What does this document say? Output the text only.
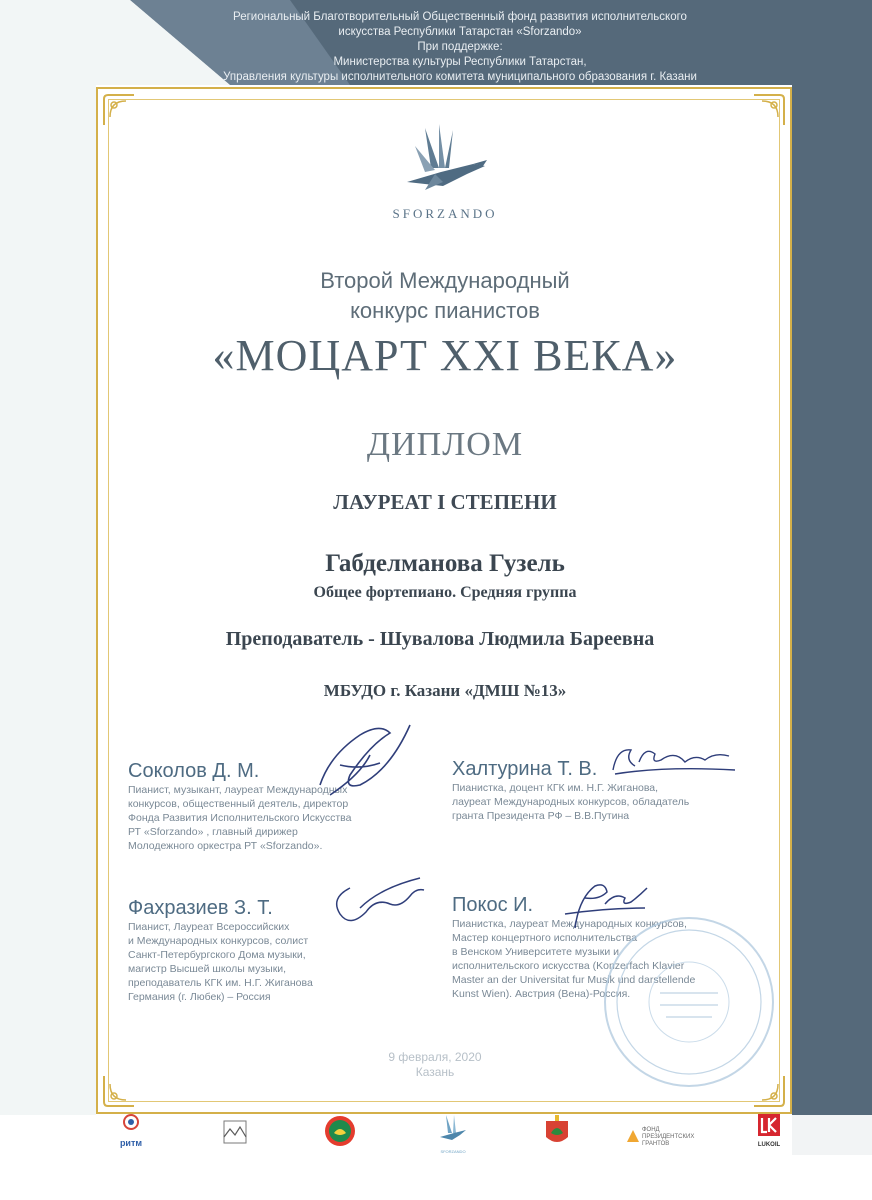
Региональный Благотворительный Общественный фонд развития исполнительского
искусства Республики Татарстан «Sforzando»
При поддержке:
Министерства культуры Республики Татарстан,
Управления культуры исполнительного комитета муниципального образования г. Казани
SFORZANDO
Второй Международный
конкурс пианистов
«МОЦАРТ XXI ВЕКА»
ДИПЛОМ
ЛАУРЕАТ I СТЕПЕНИ
Габделманова Гузель
Общее фортепиано. Средняя группа
Преподаватель - Шувалова Людмила Бареевна
МБУДО г. Казани «ДМШ №13»
Соколов Д. М.
Пианист, музыкант, лауреат Международных
конкурсов, общественный деятель, директор
Фонда Развития Исполнительского Искусства
РТ «Sforzando» , главный дирижер
Молодежного оркестра РТ «Sforzando».
Халтурина Т. В.
Пианистка, доцент КГК им. Н.Г. Жиганова,
лауреат Международных конкурсов, обладатель
гранта Президента РФ – В.В.Путина
Фахразиев З. Т.
Пианист, Лауреат Всероссийских
и Международных конкурсов, солист
Санкт-Петербургского Дома музыки,
магистр Высшей школы музыки,
преподаватель КГК им. Н.Г. Жиганова
Германия (г. Любек) – Россия
Покос И.
Пианистка, лауреат Международных конкурсов,
Мастер концертного исполнительства
в Венском Университете музыки и
исполнительского искусства (Konzerfach Klavier
Master an der Universitat fur Musik und darstellende
Kunst Wien). Австрия (Вена)-Россия.
9 февраля, 2020
Казань
ритм
SFORZANDO
ФОНД
ПРЕЗИДЕНТСКИХ
ГРАНТОВ	LUKOIL
